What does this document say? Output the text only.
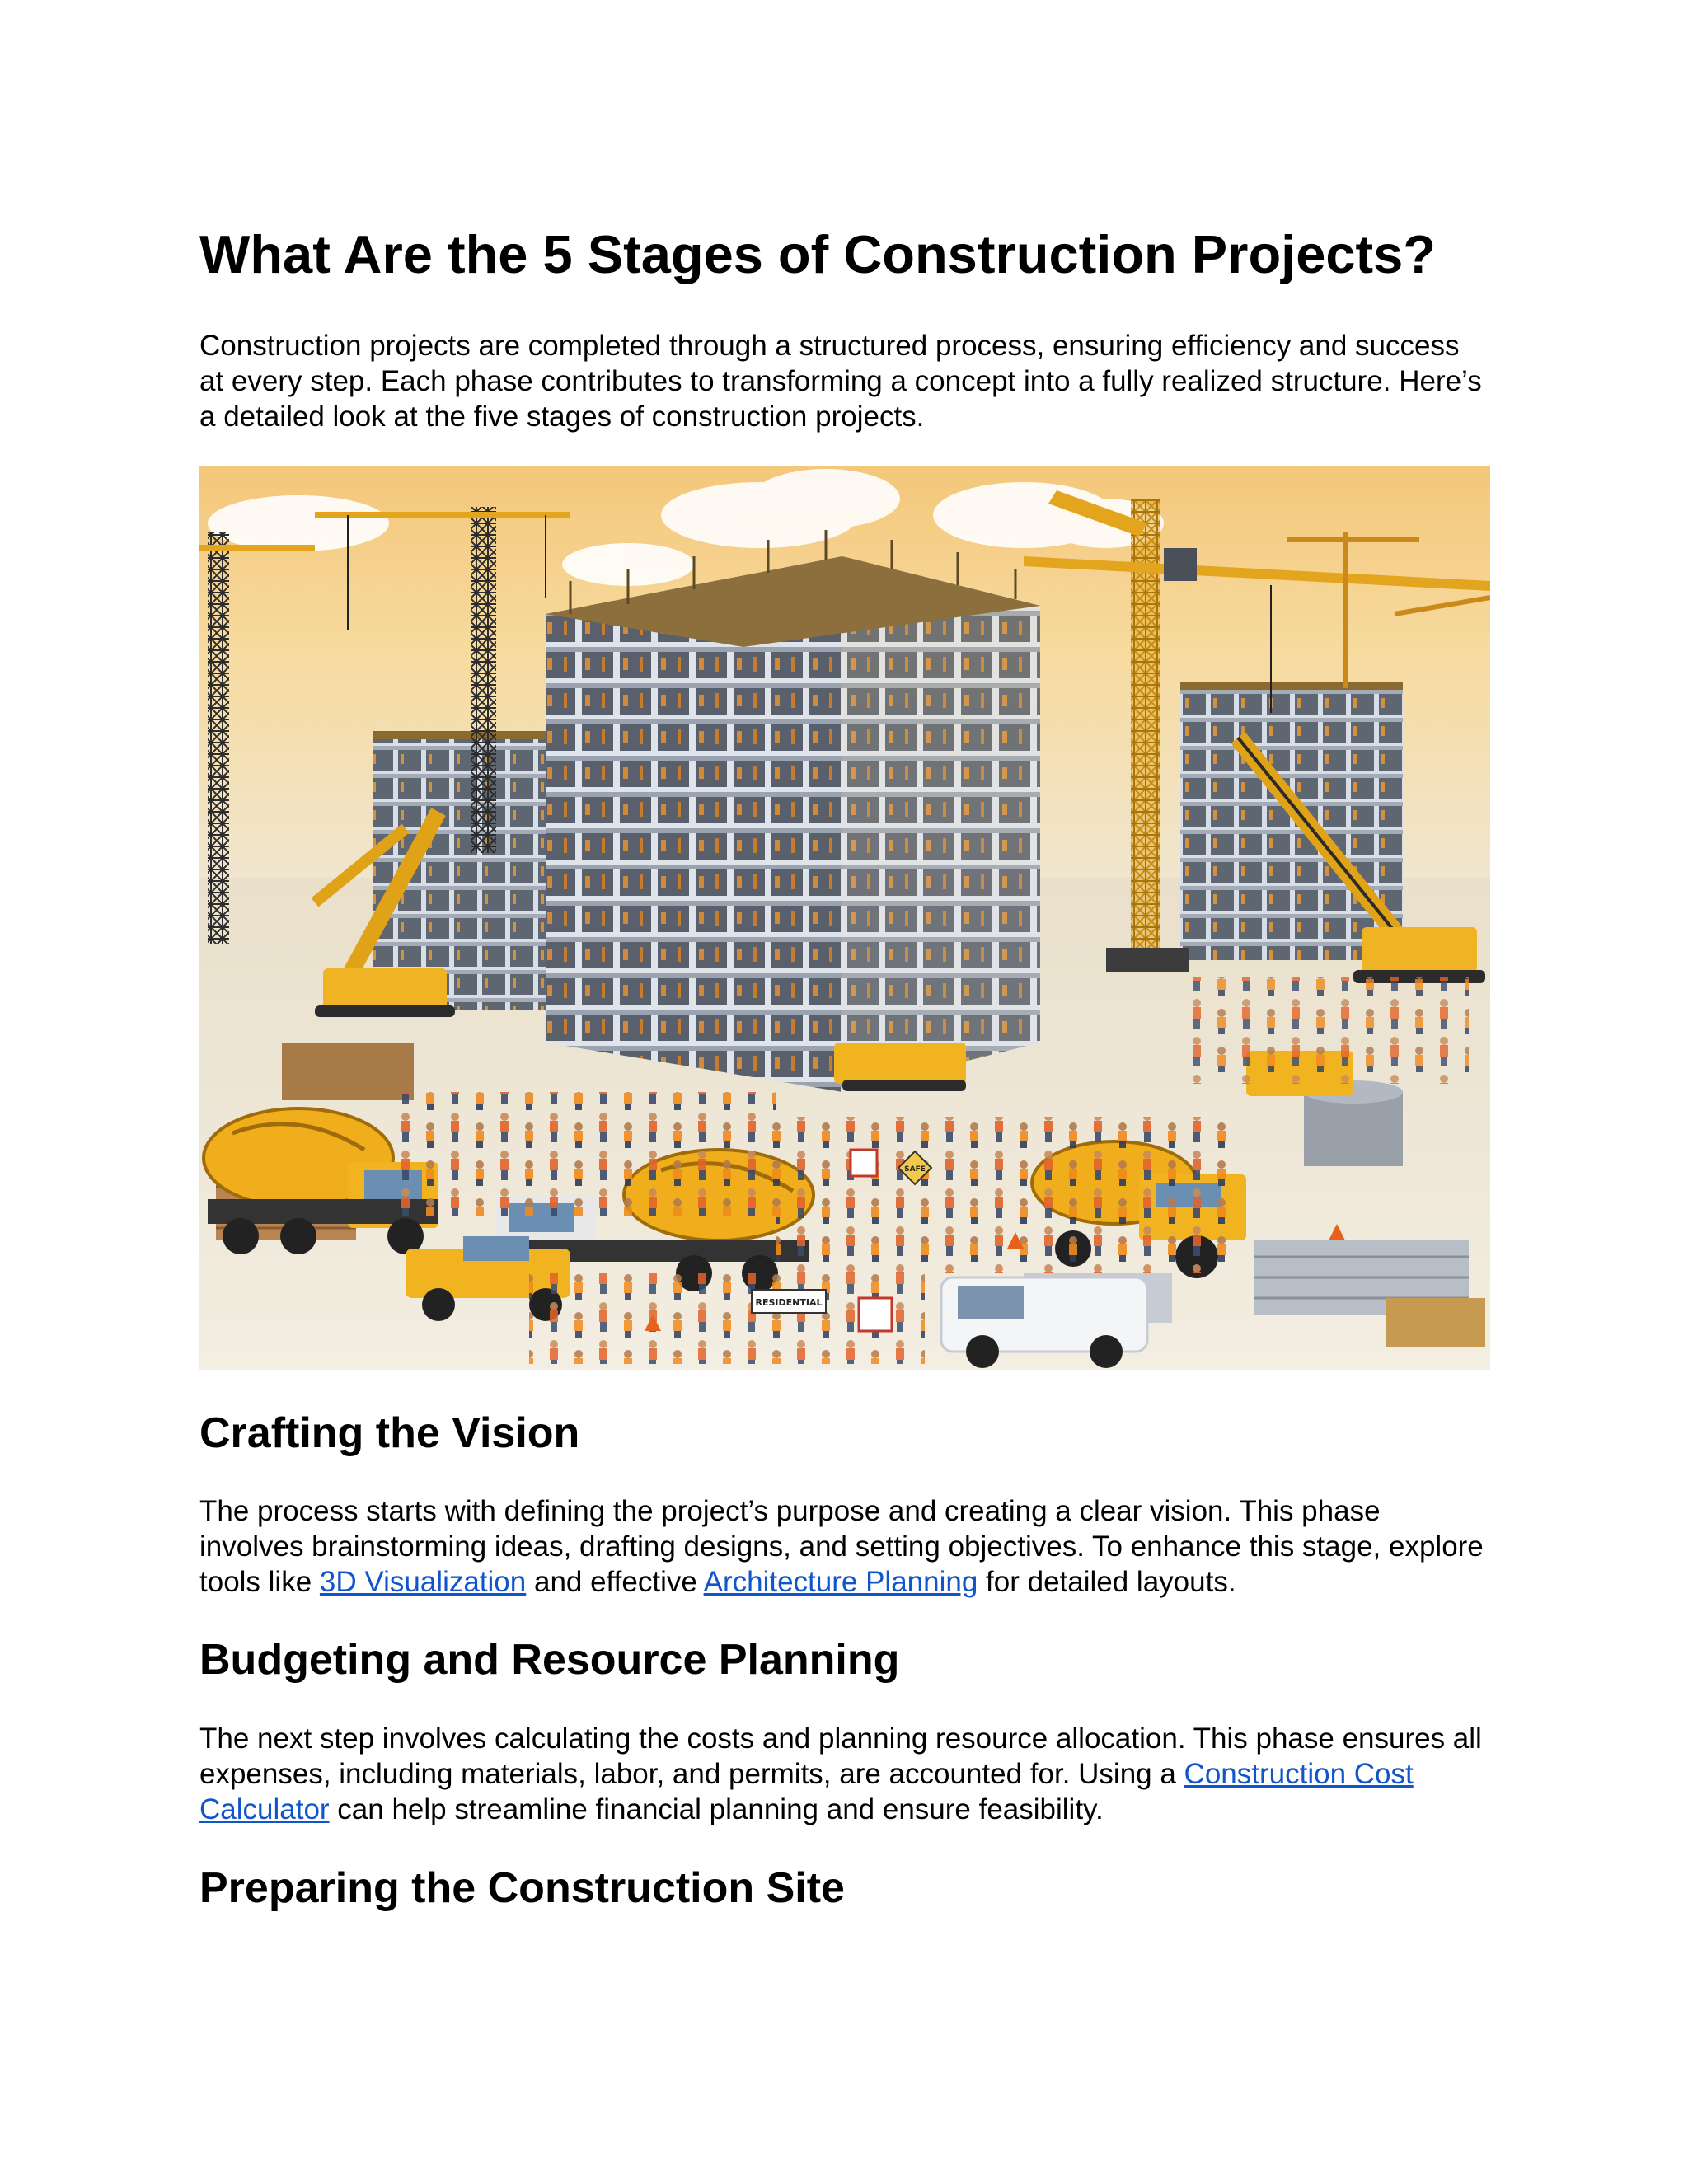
What Are the 5 Stages of Construction Projects?

Construction projects are completed through a structured process, ensuring efficiency and success at every step. Each phase contributes to transforming a concept into a fully realized structure. Here’s a detailed look at the five stages of construction projects.

RESIDENTIAL
SAFE
Crafting the Vision

The process starts with defining the project’s purpose and creating a clear vision. This phase involves brainstorming ideas, drafting designs, and setting objectives. To enhance this stage, explore tools like 3D Visualization and effective Architecture Planning for detailed layouts.

Budgeting and Resource Planning

The next step involves calculating the costs and planning resource allocation. This phase ensures all expenses, including materials, labor, and permits, are accounted for. Using a Construction Cost Calculator can help streamline financial planning and ensure feasibility.

Preparing the Construction Site
